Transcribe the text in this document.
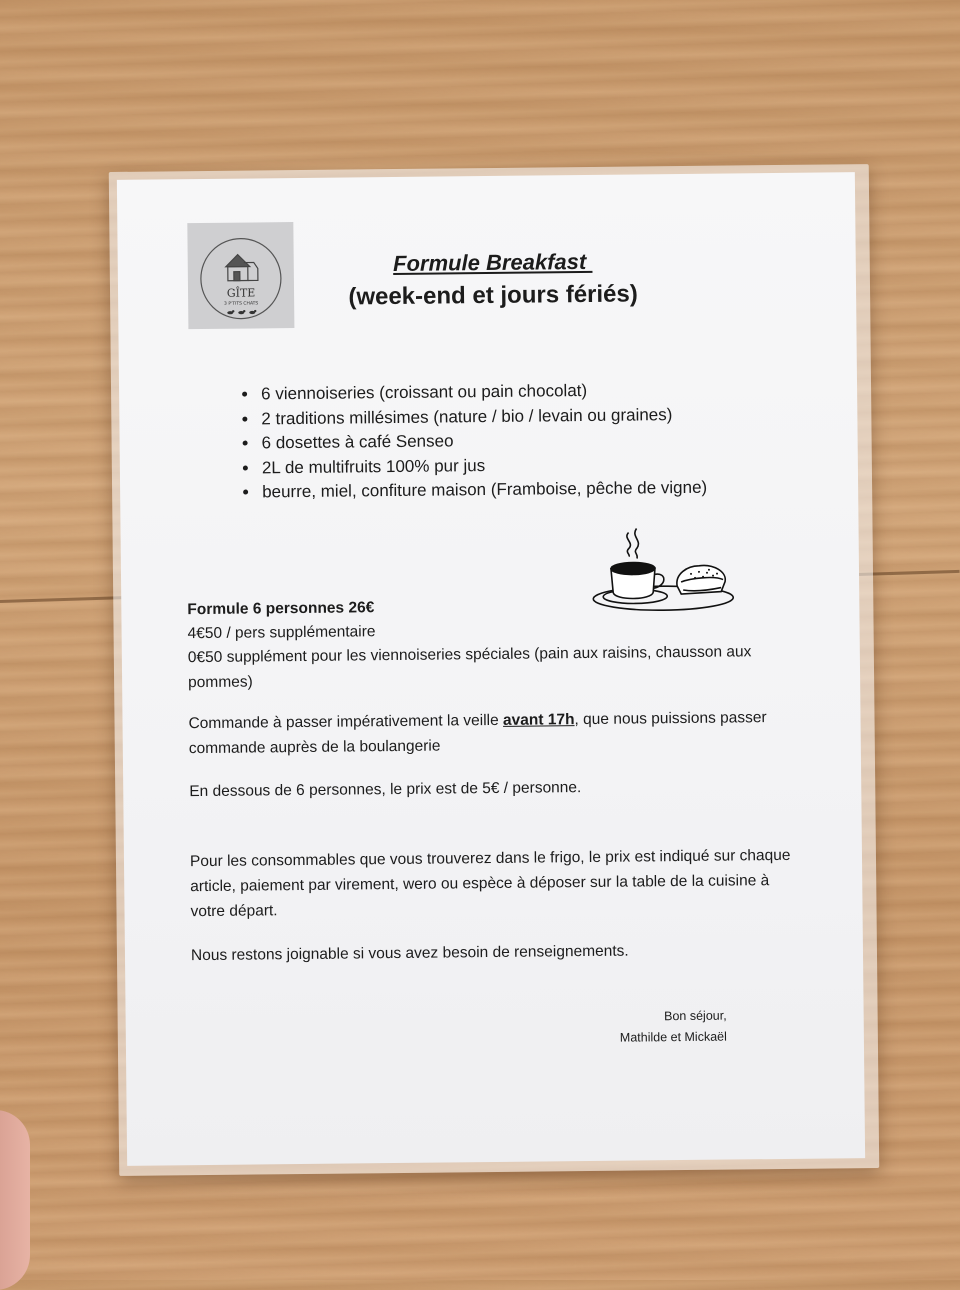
GÎTE
3 P'TITS CHATS
Formule Breakfast
(week-end et jours fériés)
• 6 viennoiseries (croissant ou pain chocolat)
• 2 traditions millésimes (nature / bio / levain ou graines)
• 6 dosettes à café Senseo
• 2L de multifruits 100% pur jus
• beurre, miel, confiture maison (Framboise, pêche de vigne)
Formule 6 personnes 26€
4€50 / pers supplémentaire
0€50 supplément pour les viennoiseries spéciales (pain aux raisins, chausson aux pommes)
Commande à passer impérativement la veille avant 17h, que nous puissions passer commande auprès de la boulangerie
En dessous de 6 personnes, le prix est de 5€ / personne.
Pour les consommables que vous trouverez dans le frigo, le prix est indiqué sur chaque article, paiement par virement, wero ou espèce à déposer sur la table de la cuisine à votre départ.
Nous restons joignable si vous avez besoin de renseignements.
Bon séjour,
Mathilde et Mickaël
